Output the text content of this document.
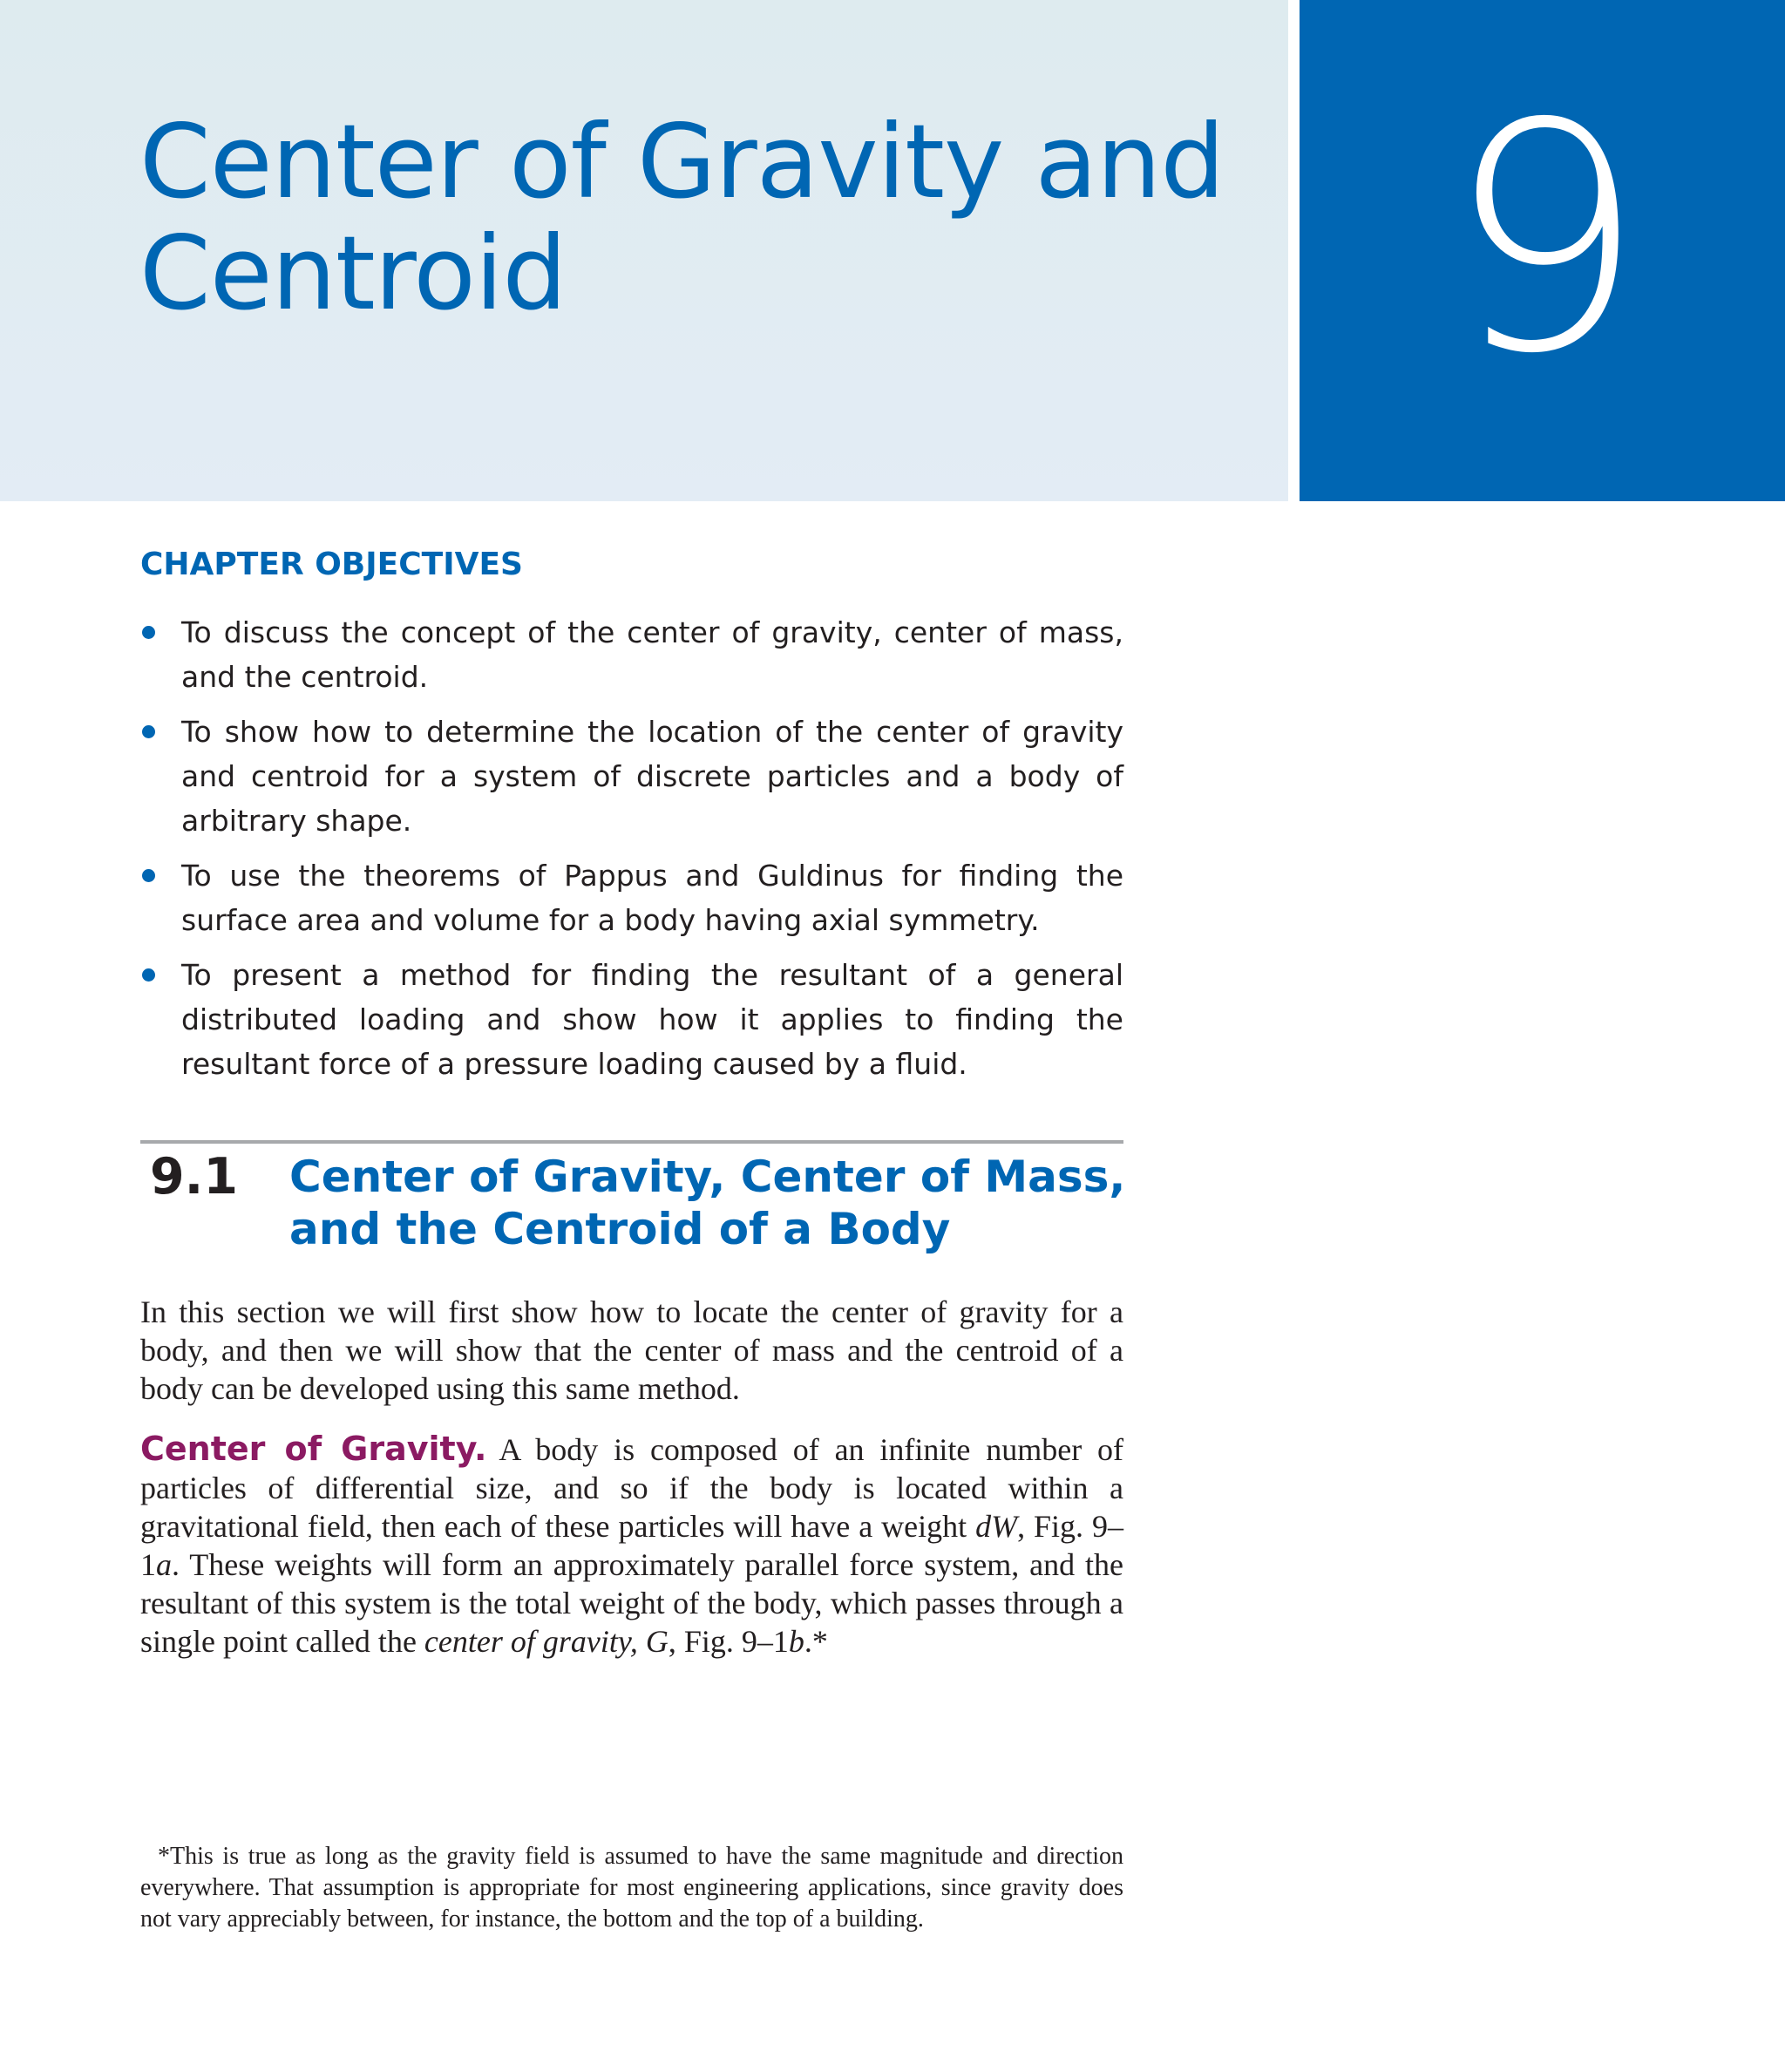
Center of Gravity and
Centroid	9
CHAPTER OBJECTIVES
To discuss the concept of the center of gravity, center of mass, and the centroid.
To show how to determine the location of the center of gravity and centroid for a system of discrete particles and a body of arbitrary shape.
To use the theorems of Pappus and Guldinus for finding the surface area and volume for a body having axial symmetry.
To present a method for finding the resultant of a general distributed loading and show how it applies to finding the resultant force of a pressure loading caused by a fluid.
9.1 Center of Gravity, Center of Mass,
and the Centroid of a Body

In this section we will first show how to locate the center of gravity for a body, and then we will show that the center of mass and the centroid of a body can be developed using this same method.

Center of Gravity. A body is composed of an infinite number of particles of differential size, and so if the body is located within a gravitational field, then each of these particles will have a weight dW, Fig. 9–1a. These weights will form an approximately parallel force system, and the resultant of this system is the total weight of the body, which passes through a single point called the center of gravity, G, Fig. 9–1b.*

*This is true as long as the gravity field is assumed to have the same magnitude and direction everywhere. That assumption is appropriate for most engineering applications, since gravity does not vary appreciably between, for instance, the bottom and the top of a building.
